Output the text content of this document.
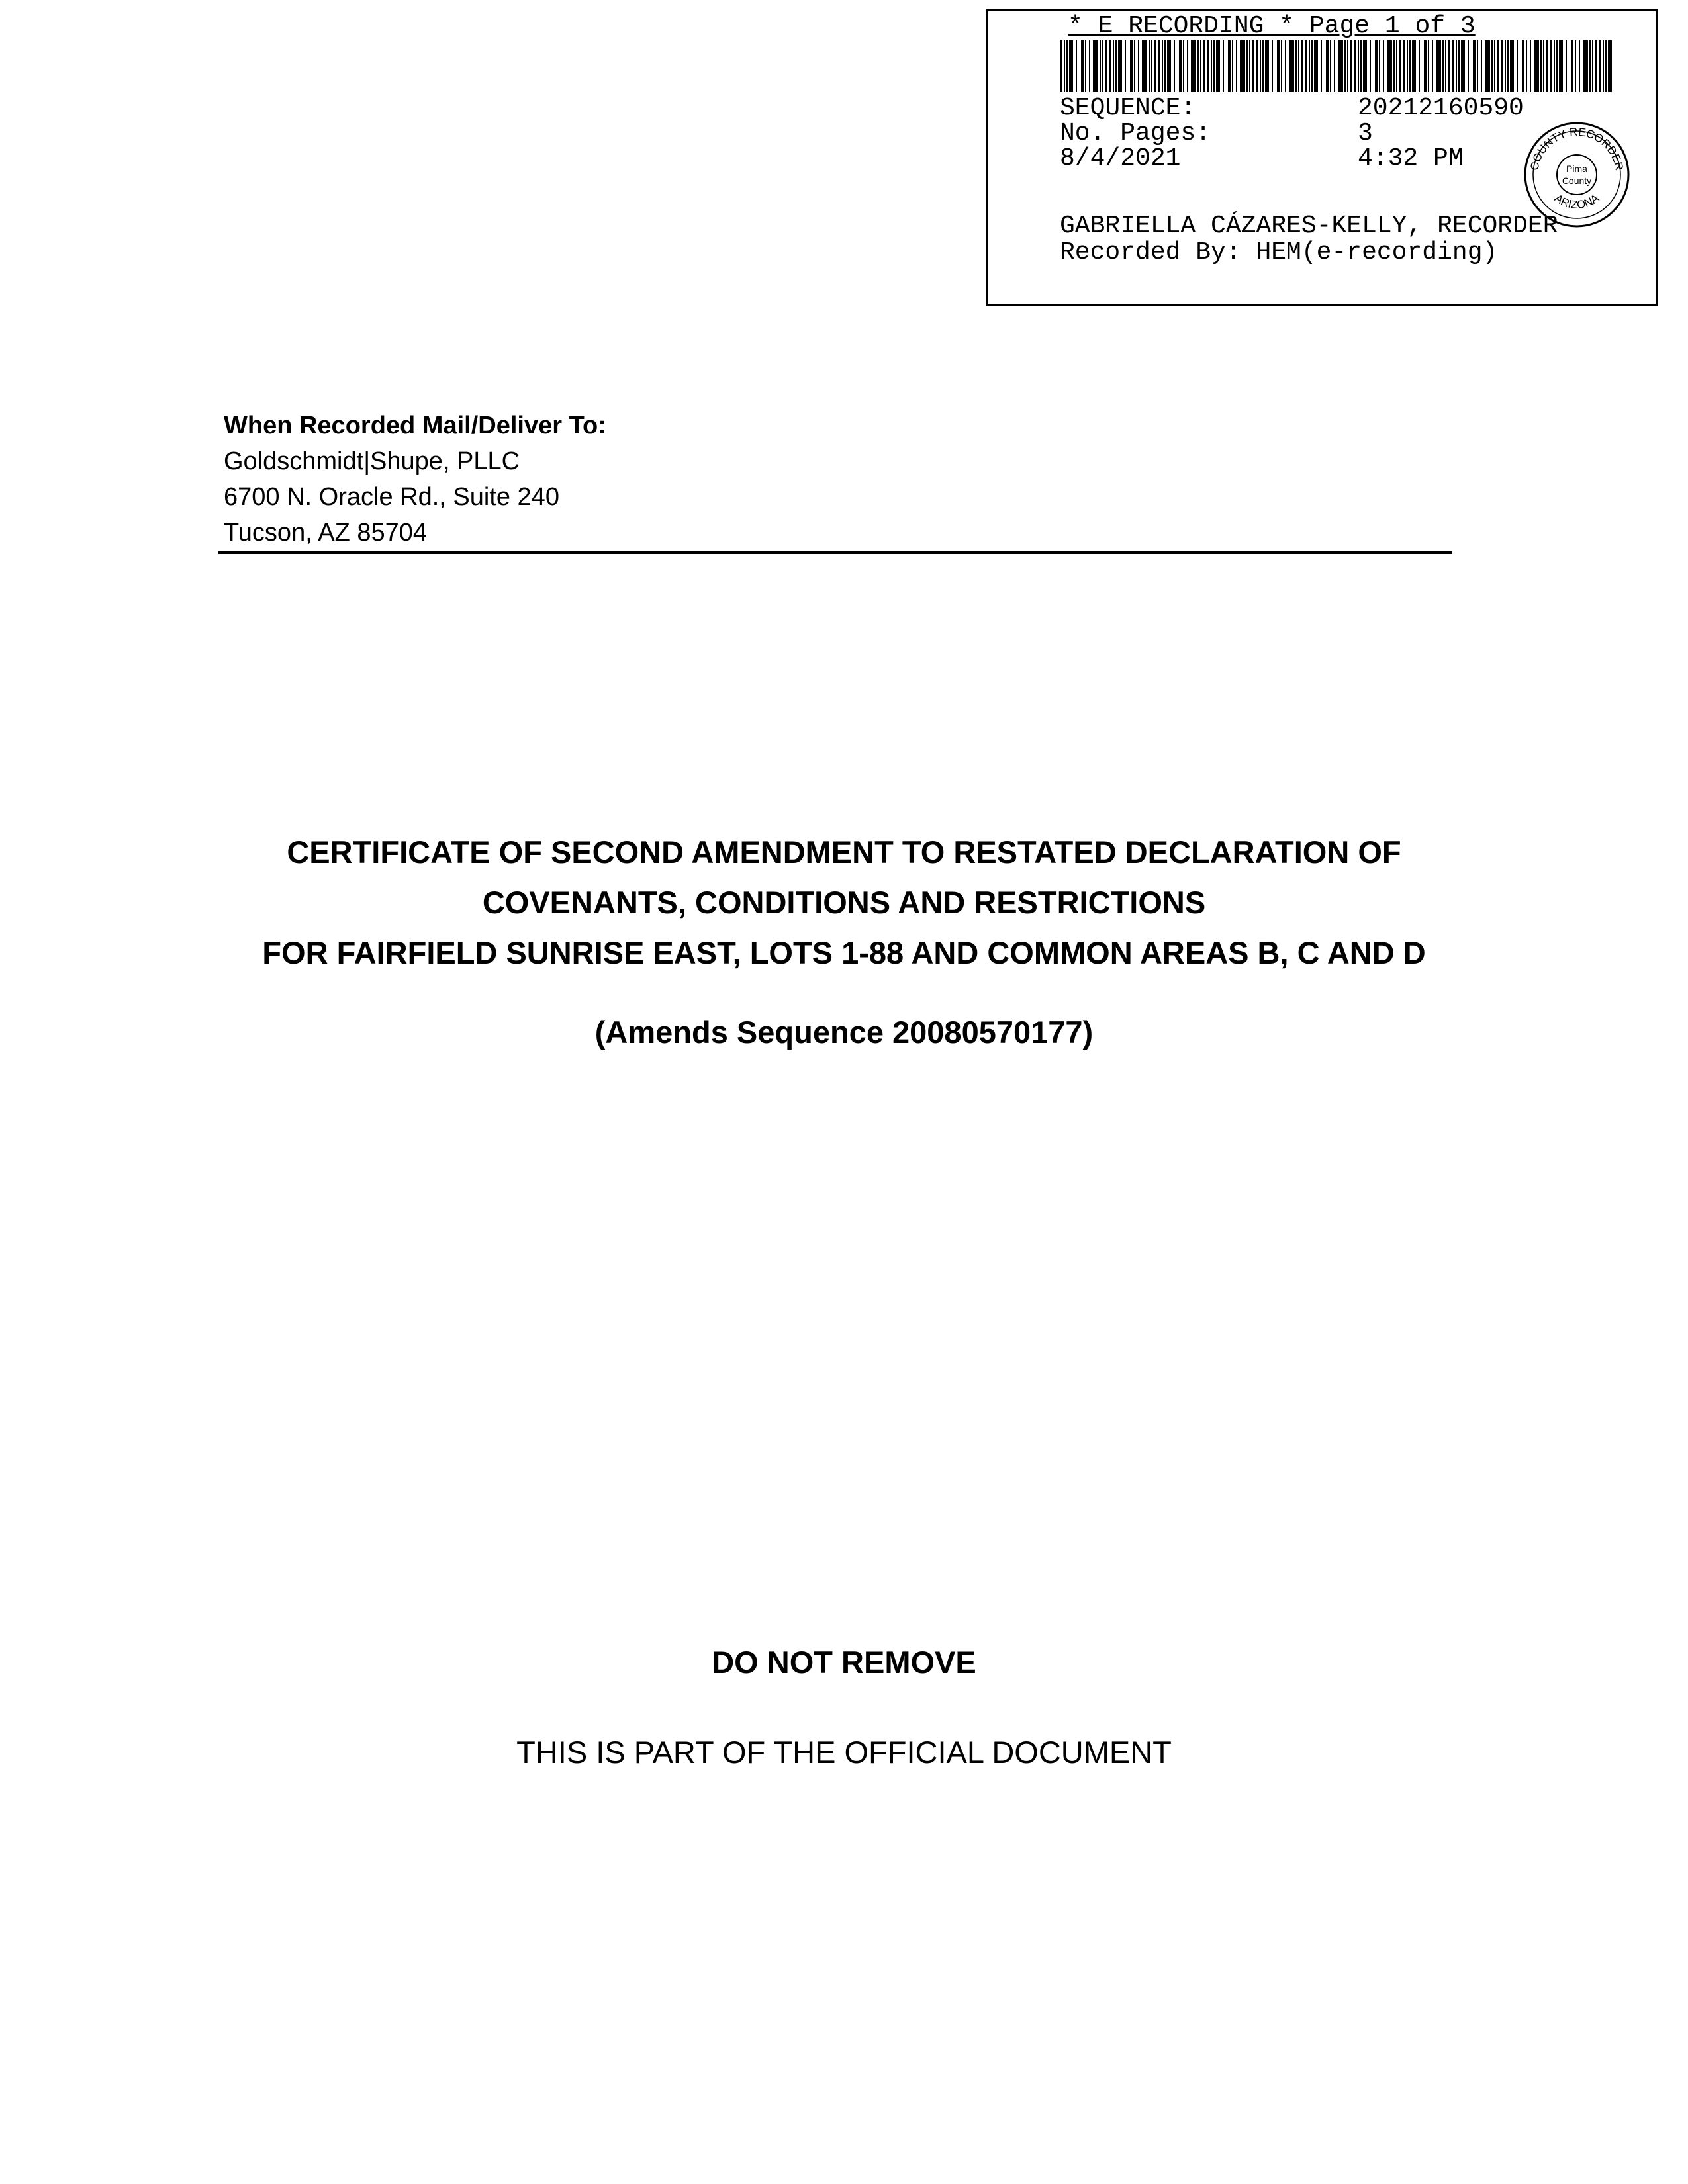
* E RECORDING * Page 1 of 3
SEQUENCE:	20212160590
No. Pages:	3
8/4/2021	4:32 PM	COUNTY RECORDER
ARIZONA
Pima
County
GABRIELLA CÁZARES-KELLY, RECORDER
Recorded By: HEM(e-recording)
When Recorded Mail/Deliver To:
Goldschmidt|Shupe, PLLC
6700 N. Oracle Rd., Suite 240
Tucson, AZ 85704
CERTIFICATE OF SECOND AMENDMENT TO RESTATED DECLARATION OF
COVENANTS, CONDITIONS AND RESTRICTIONS
FOR FAIRFIELD SUNRISE EAST, LOTS 1-88 AND COMMON AREAS B, C AND D
(Amends Sequence 20080570177)
DO NOT REMOVE
THIS IS PART OF THE OFFICIAL DOCUMENT
